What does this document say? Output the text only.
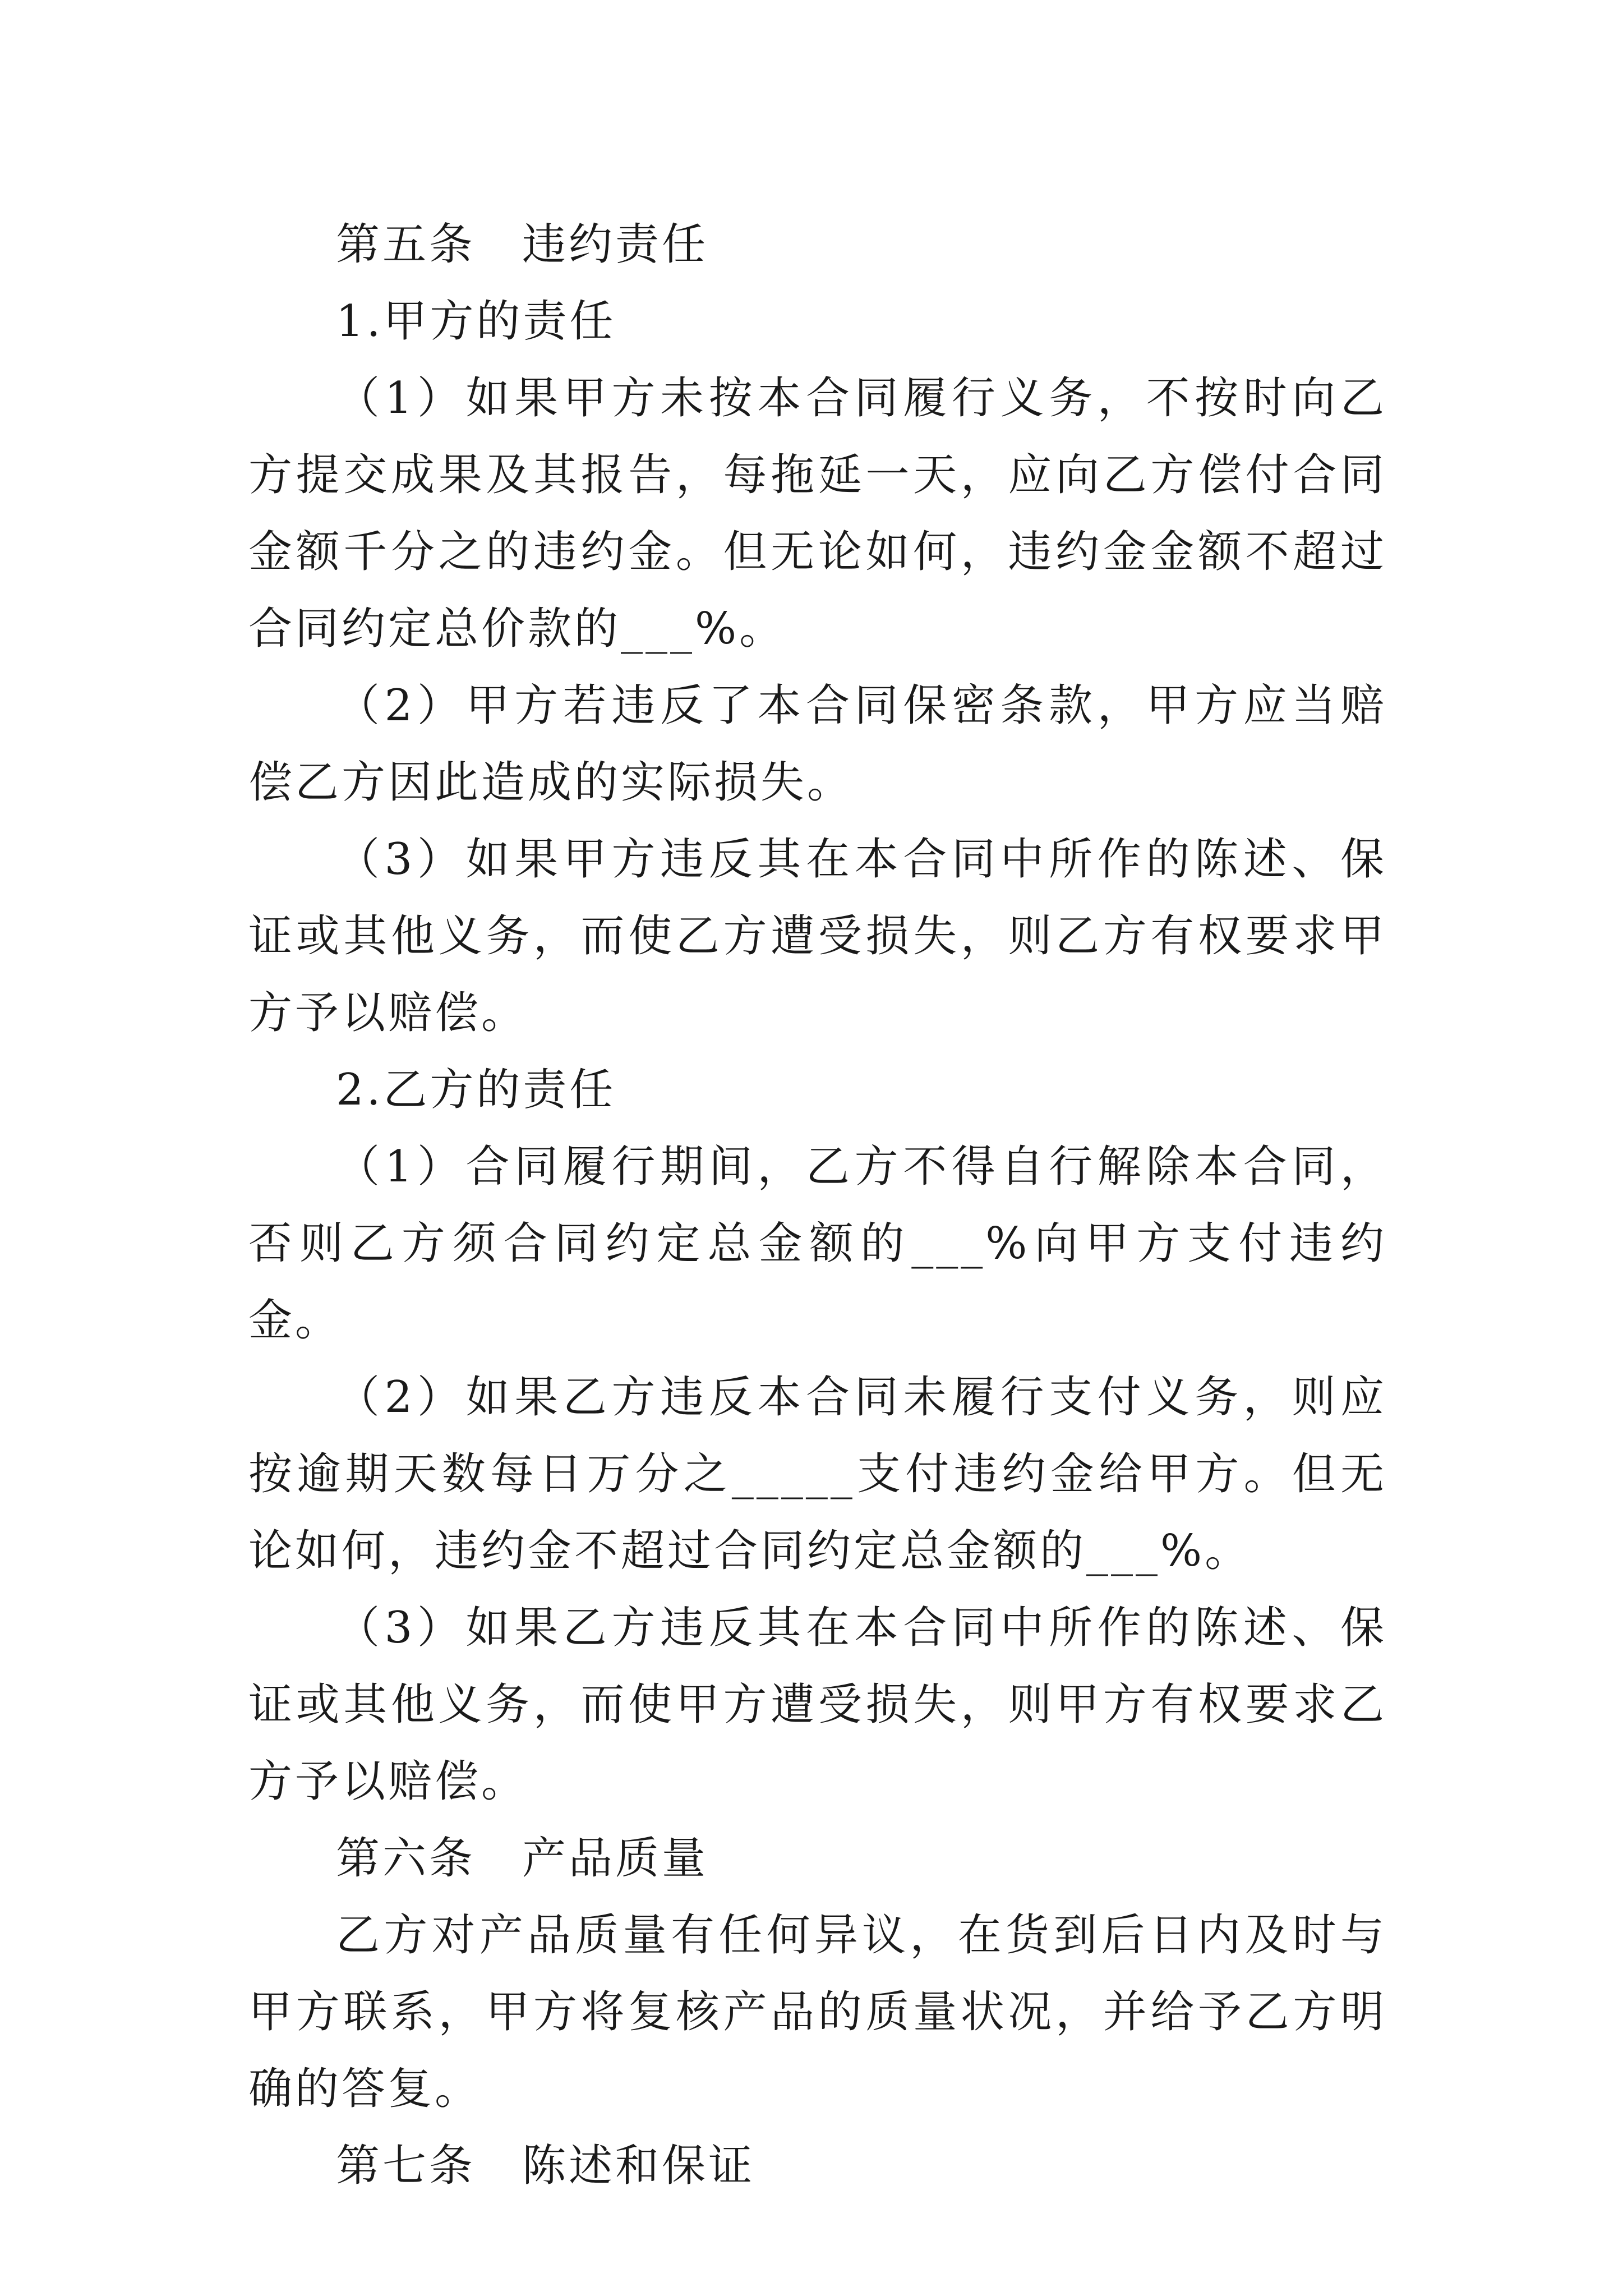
第五条　违约责任

1.甲方的责任

（1）如果甲方未按本合同履行义务，不按时向乙方提交成果及其报告，每拖延一天，应向乙方偿付合同金额千分之的违约金。但无论如何，违约金金额不超过合同约定总价款的___%。

（2）甲方若违反了本合同保密条款，甲方应当赔偿乙方因此造成的实际损失。

（3）如果甲方违反其在本合同中所作的陈述、保证或其他义务，而使乙方遭受损失，则乙方有权要求甲方予以赔偿。

2.乙方的责任

（1）合同履行期间，乙方不得自行解除本合同，否则乙方须合同约定总金额的___%向甲方支付违约金。

（2）如果乙方违反本合同未履行支付义务，则应按逾期天数每日万分之_____支付违约金给甲方。但无论如何，违约金不超过合同约定总金额的___%。

（3）如果乙方违反其在本合同中所作的陈述、保证或其他义务，而使甲方遭受损失，则甲方有权要求乙方予以赔偿。

第六条　产品质量

乙方对产品质量有任何异议，在货到后日内及时与甲方联系，甲方将复核产品的质量状况，并给予乙方明确的答复。

第七条　陈述和保证
